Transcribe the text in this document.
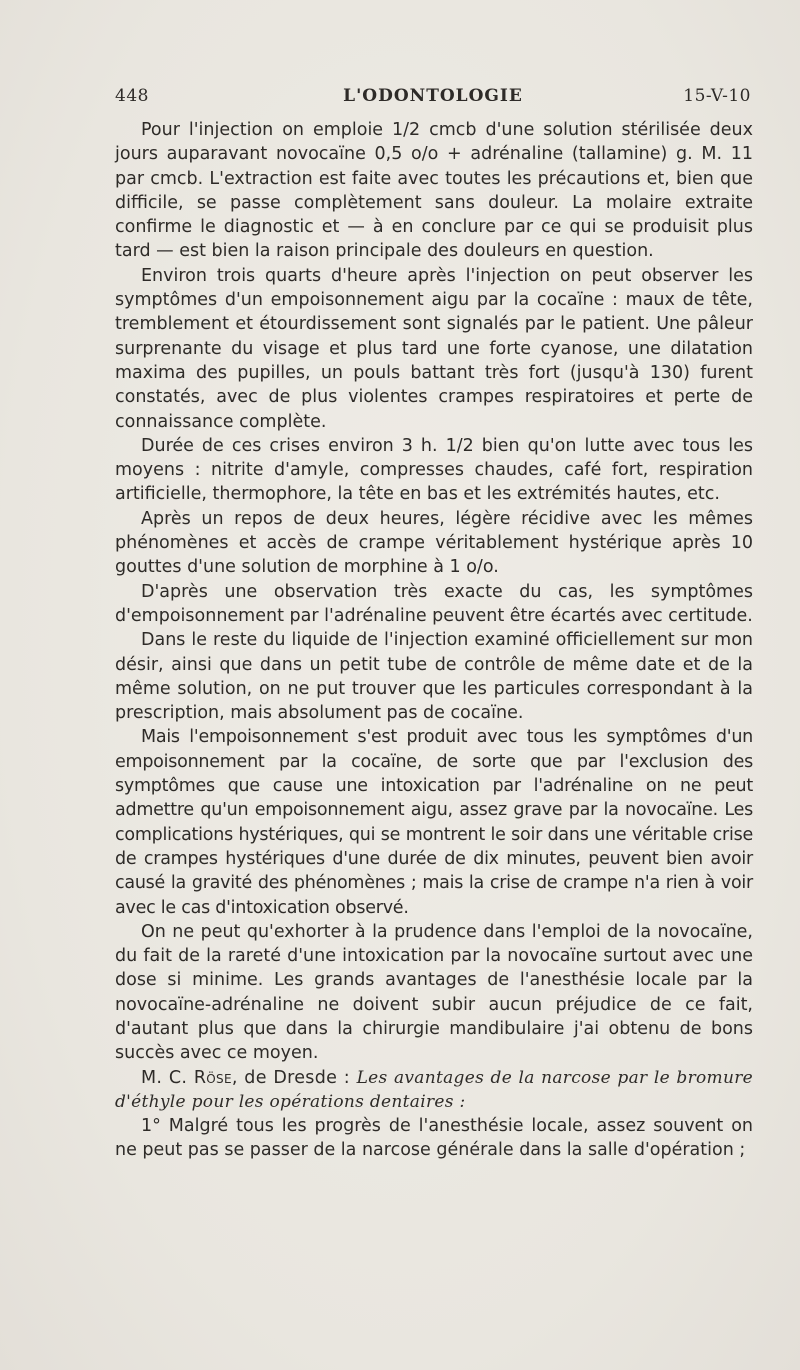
448	L'ODONTOLOGIE	15-V-10

Pour l'injection on emploie 1/2 cmcb d'une solution stérilisée deux jours auparavant novocaïne 0,5 o/o + adrénaline (tallamine) g. M. 11 par cmcb. L'extraction est faite avec toutes les précautions et, bien que difficile, se passe complètement sans douleur. La molaire extraite confirme le diagnostic et — à en conclure par ce qui se produisit plus tard — est bien la raison principale des douleurs en question.

Environ trois quarts d'heure après l'injection on peut observer les symptômes d'un empoisonnement aigu par la cocaïne : maux de tête, tremblement et étourdissement sont signalés par le patient. Une pâleur surprenante du visage et plus tard une forte cyanose, une dilatation maxima des pupilles, un pouls battant très fort (jusqu'à 130) furent constatés, avec de plus violentes crampes respiratoires et perte de connaissance complète.

Durée de ces crises environ 3 h. 1/2 bien qu'on lutte avec tous les moyens : nitrite d'amyle, compresses chaudes, café fort, respiration artificielle, thermophore, la tête en bas et les extrémités hautes, etc.

Après un repos de deux heures, légère récidive avec les mêmes phénomènes et accès de crampe véritablement hystérique après 10 gouttes d'une solution de morphine à 1 o/o.

D'après une observation très exacte du cas, les symptômes d'empoisonnement par l'adrénaline peuvent être écartés avec certitude.

Dans le reste du liquide de l'injection examiné officiellement sur mon désir, ainsi que dans un petit tube de contrôle de même date et de la même solution, on ne put trouver que les particules correspondant à la prescription, mais absolument pas de cocaïne.

Mais l'empoisonnement s'est produit avec tous les symptômes d'un empoisonnement par la cocaïne, de sorte que par l'exclusion des symptômes que cause une intoxication par l'adrénaline on ne peut admettre qu'un empoisonnement aigu, assez grave par la novocaïne. Les complications hystériques, qui se montrent le soir dans une véritable crise de crampes hystériques d'une durée de dix minutes, peuvent bien avoir causé la gravité des phénomènes ; mais la crise de crampe n'a rien à voir avec le cas d'intoxication observé.

On ne peut qu'exhorter à la prudence dans l'emploi de la novocaïne, du fait de la rareté d'une intoxication par la novocaïne surtout avec une dose si minime. Les grands avantages de l'anesthésie locale par la novocaïne-adrénaline ne doivent subir aucun préjudice de ce fait, d'autant plus que dans la chirurgie mandibulaire j'ai obtenu de bons succès avec ce moyen.

M. C. Röse, de Dresde : Les avantages de la narcose par le bromure d'éthyle pour les opérations dentaires :

1° Malgré tous les progrès de l'anesthésie locale, assez souvent on ne peut pas se passer de la narcose générale dans la salle d'opération ;
